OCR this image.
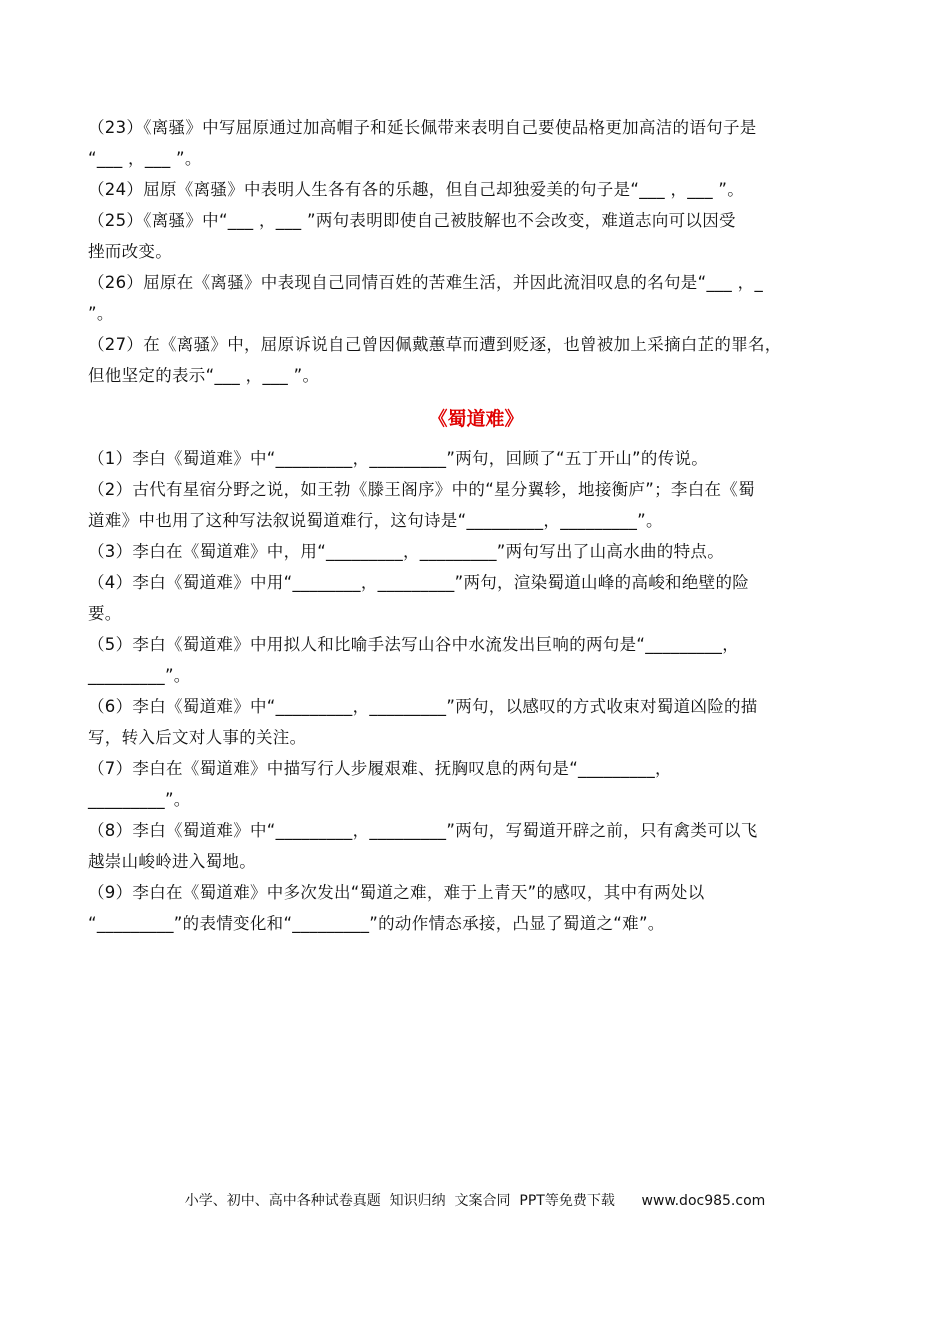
（23）《离骚》中写屈原通过加高帽子和延长佩带来表明自己要使品格更加高洁的语句子是
“___ ，___ ”。
（24）屈原《离骚》中表明人生各有各的乐趣，但自己却独爱美的句子是“___ ，___ ”。
（25）《离骚》中“___ ，___ ”两句表明即使自己被肢解也不会改变，难道志向可以因受
挫而改变。
（26）屈原在《离骚》中表现自己同情百姓的苦难生活，并因此流泪叹息的名句是“___ ，_
”。
（27）在《离骚》中，屈原诉说自己曾因佩戴蕙草而遭到贬逐，也曾被加上采摘白芷的罪名，
但他坚定的表示“___ ，___ ”。
《蜀道难》
（1）李白《蜀道难》中“_________，_________”两句，回顾了“五丁开山”的传说。
（2）古代有星宿分野之说，如王勃《滕王阁序》中的“星分翼轸，地接衡庐”；李白在《蜀
道难》中也用了这种写法叙说蜀道难行，这句诗是“_________，_________”。
（3）李白在《蜀道难》中，用“_________，_________”两句写出了山高水曲的特点。
（4）李白《蜀道难》中用“________，_________”两句，渲染蜀道山峰的高峻和绝壁的险
要。
（5）李白《蜀道难》中用拟人和比喻手法写山谷中水流发出巨响的两句是“_________，
_________”。
（6）李白《蜀道难》中“_________，_________”两句，以感叹的方式收束对蜀道凶险的描
写，转入后文对人事的关注。
（7）李白在《蜀道难》中描写行人步履艰难、抚胸叹息的两句是“_________，
_________”。
（8）李白《蜀道难》中“_________，_________”两句，写蜀道开辟之前，只有禽类可以飞
越崇山峻岭进入蜀地。
（9）李白在《蜀道难》中多次发出“蜀道之难，难于上青天”的感叹，其中有两处以
“_________”的表情变化和“_________”的动作情态承接，凸显了蜀道之“难”。
小学、初中、高中各种试卷真题  知识归纳  文案合同  PPT等免费下载      www.doc985.com
